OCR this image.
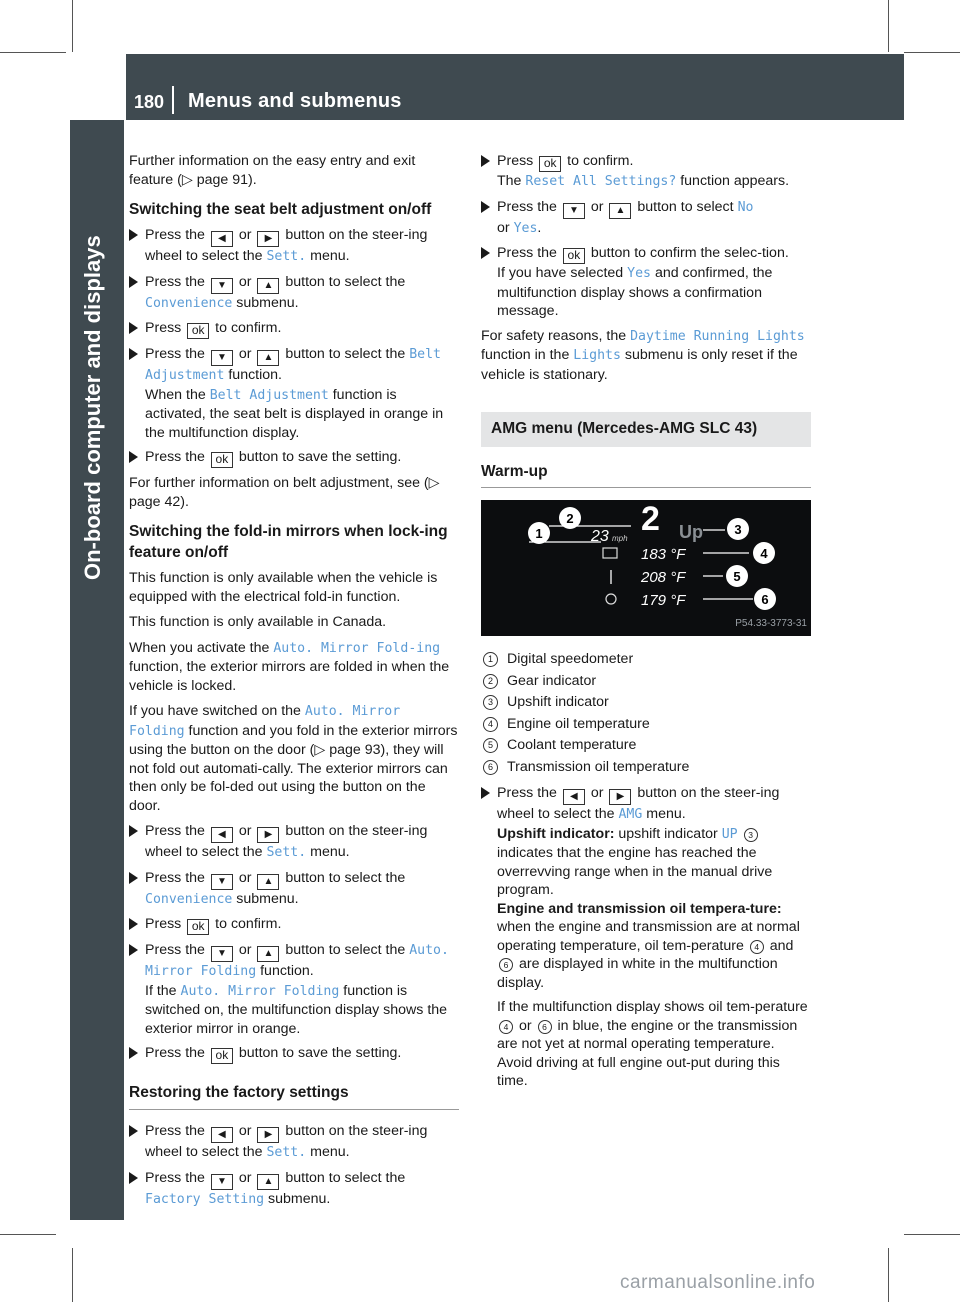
180 Menus and submenus
On-board computer and displays

Further information on the easy entry and exit feature (▷ page 91).

Switching the seat belt adjustment on/off
Press the ◀ or ▶ button on the steer-ing wheel to select the Sett. menu.
Press the ▼ or ▲ button to select the Convenience submenu.
Press ok to confirm.
Press the ▼ or ▲ button to select the Belt Adjustment function.
When the Belt Adjustment function is activated, the seat belt is displayed in orange in the multifunction display.
Press the ok button to save the setting.

For further information on belt adjustment, see (▷ page 42).

Switching the fold-in mirrors when lock-ing feature on/off

This function is only available when the vehicle is equipped with the electrical fold-in function.

This function is only available in Canada.

When you activate the Auto. Mirror Fold‐ing function, the exterior mirrors are folded in when the vehicle is locked.

If you have switched on the Auto. Mirror Folding function and you fold in the exterior mirrors using the button on the door (▷ page 93), they will not fold out automati-cally. The exterior mirrors can then only be fol-ded out using the button on the door.

Press the ◀ or ▶ button on the steer-ing wheel to select the Sett. menu.
Press the ▼ or ▲ button to select the Convenience submenu.
Press ok to confirm.
Press the ▼ or ▲ button to select the Auto. Mirror Folding function.
If the Auto. Mirror Folding function is switched on, the multifunction display shows the exterior mirror in orange.
Press the ok button to save the setting.
Restoring the factory settings
Press the ◀ or ▶ button on the steer-ing wheel to select the Sett. menu.
Press the ▼ or ▲ button to select the Factory Setting submenu.
Press ok to confirm.
The Reset All Settings? function appears.
Press the ▼ or ▲ button to select No
or Yes.
Press the ok button to confirm the selec-tion.
If you have selected Yes and confirmed, the multifunction display shows a confirmation message.

For safety reasons, the Daytime Running Lights function in the Lights submenu is only reset if the vehicle is stationary.

AMG menu (Mercedes-AMG SLC 43)
Warm-up
1
2
3
4
5
6
23 mph
2 Up
183 °F
208 °F
179 °F
P54.33-3773-31
1 Digital speedometer
2 Gear indicator
3 Upshift indicator
4 Engine oil temperature
5 Coolant temperature
6 Transmission oil temperature
Press the ◀ or ▶ button on the steer-ing wheel to select the AMG menu.
Upshift indicator: upshift indicator UP 3 indicates that the engine has reached the overrevving range when in the manual drive program.
Engine and transmission oil tempera-ture: when the engine and transmission are at normal operating temperature, oil tem-perature 4 and 6 are displayed in white in the multifunction display.
If the multifunction display shows oil tem-perature 4 or 6 in blue, the engine or the transmission are not yet at normal operating temperature. Avoid driving at full engine out-put during this time.
carmanualsonline.info
